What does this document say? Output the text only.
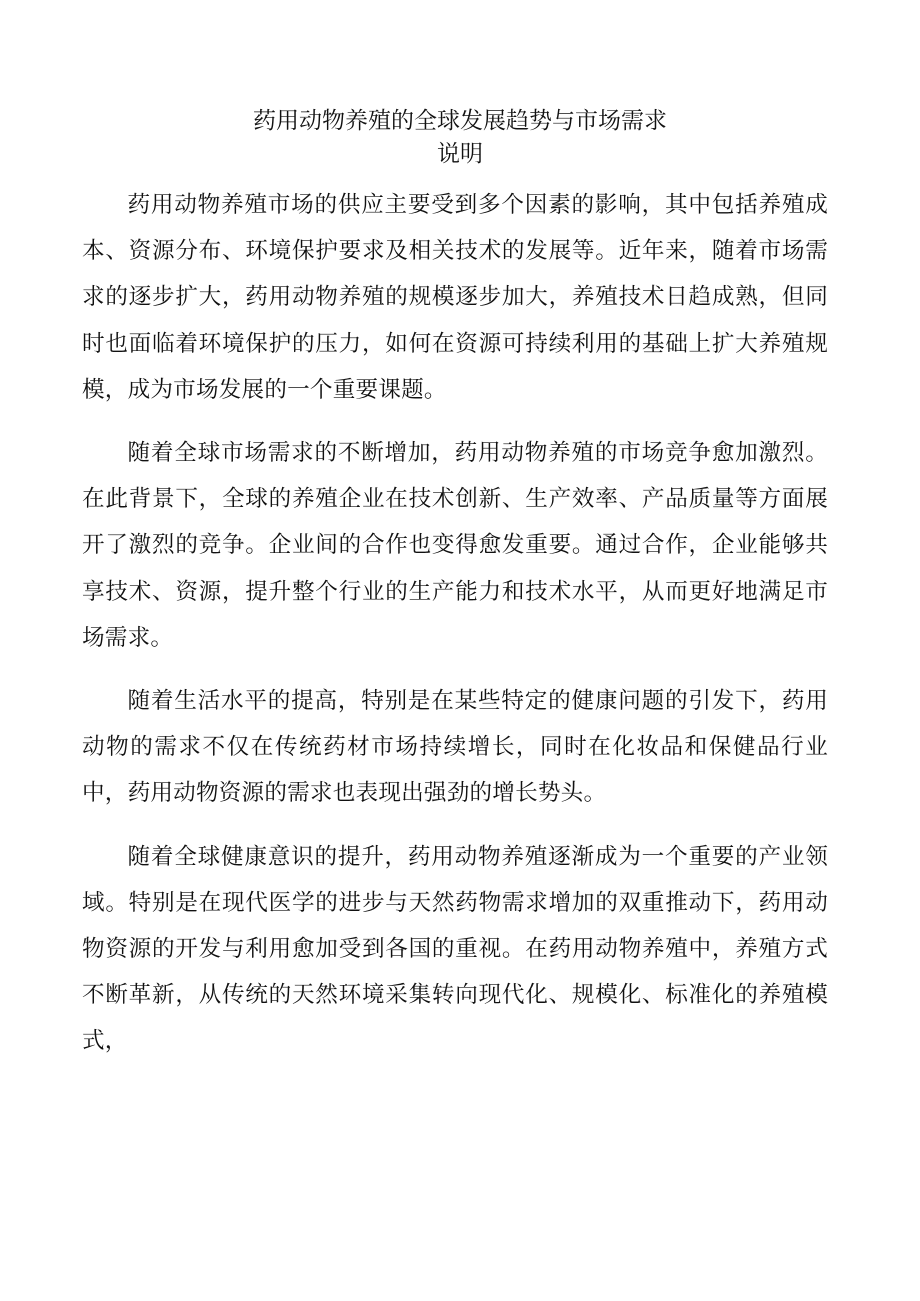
药用动物养殖的全球发展趋势与市场需求
说明

药用动物养殖市场的供应主要受到多个因素的影响，其中包括养殖成本、资源分布、环境保护要求及相关技术的发展等。近年来，随着市场需求的逐步扩大，药用动物养殖的规模逐步加大，养殖技术日趋成熟，但同时也面临着环境保护的压力，如何在资源可持续利用的基础上扩大养殖规模，成为市场发展的一个重要课题。

随着全球市场需求的不断增加，药用动物养殖的市场竞争愈加激烈。在此背景下，全球的养殖企业在技术创新、生产效率、产品质量等方面展开了激烈的竞争。企业间的合作也变得愈发重要。通过合作，企业能够共享技术、资源，提升整个行业的生产能力和技术水平，从而更好地满足市场需求。

随着生活水平的提高，特别是在某些特定的健康问题的引发下，药用动物的需求不仅在传统药材市场持续增长，同时在化妆品和保健品行业中，药用动物资源的需求也表现出强劲的增长势头。

随着全球健康意识的提升，药用动物养殖逐渐成为一个重要的产业领域。特别是在现代医学的进步与天然药物需求增加的双重推动下，药用动物资源的开发与利用愈加受到各国的重视。在药用动物养殖中，养殖方式不断革新，从传统的天然环境采集转向现代化、规模化、标准化的养殖模式，
